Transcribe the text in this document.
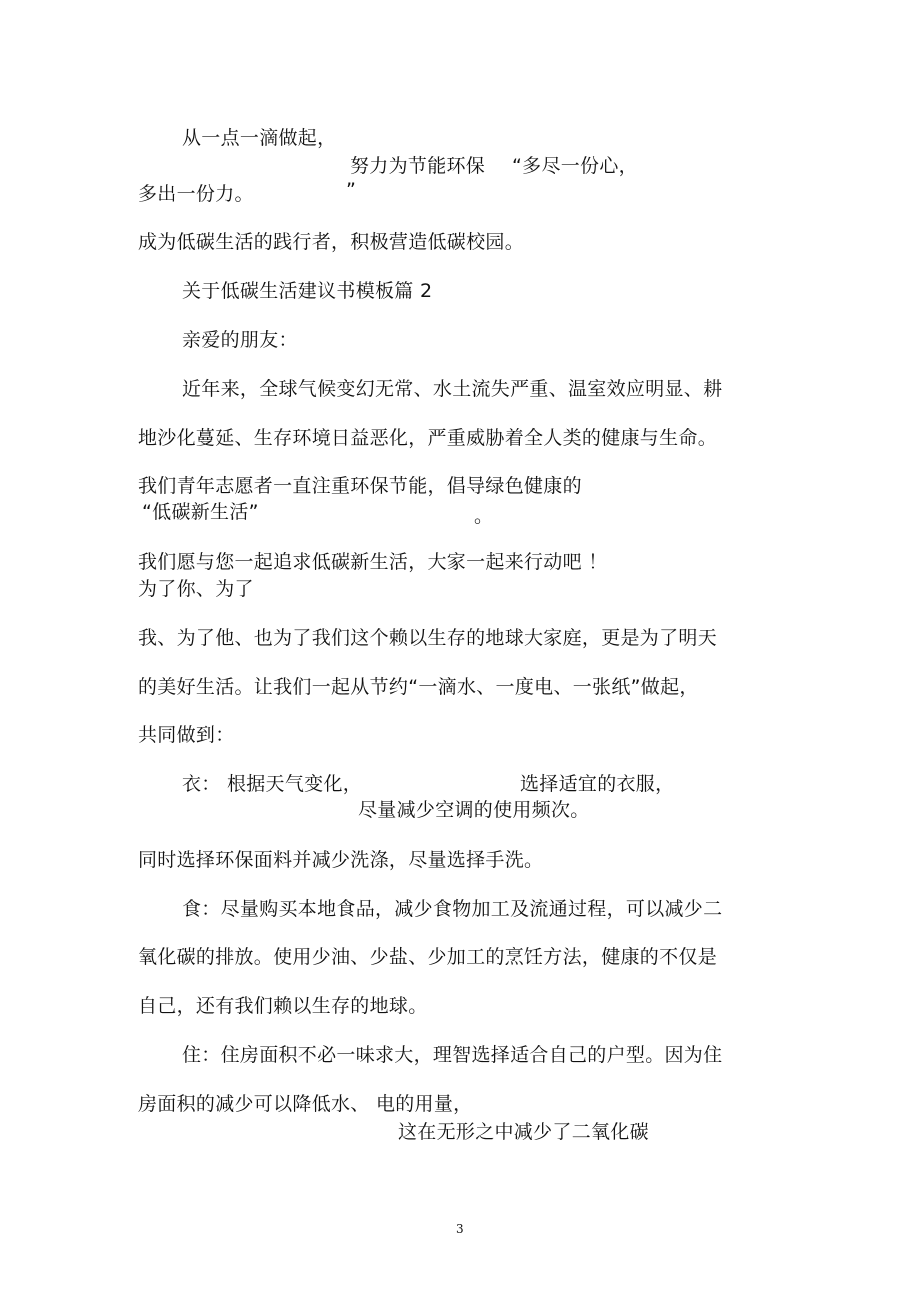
从一点一滴做起，
努力为节能环保 “多尽一份心，
多出一份力。	”
成为低碳生活的践行者，积极营造低碳校园。
关于低碳生活建议书模板篇 2
亲爱的朋友：
近年来，全球气候变幻无常、水土流失严重、温室效应明显、耕
地沙化蔓延、生存环境日益恶化，严重威胁着全人类的健康与生命。
我们青年志愿者一直注重环保节能，倡导绿色健康的
“低碳新生活”	。
我们愿与您一起追求低碳新生活，大家一起来行动吧 ！
为了你、为了
我、为了他、也为了我们这个赖以生存的地球大家庭，更是为了明天
的美好生活。让我们一起从节约“一滴水、一度电、一张纸”做起，
共同做到：
衣： 根据天气变化，	选择适宜的衣服，
尽量减少空调的使用频次。
同时选择环保面料并减少洗涤，尽量选择手洗。
食：尽量购买本地食品，减少食物加工及流通过程，可以减少二
氧化碳的排放。使用少油、少盐、少加工的烹饪方法，健康的不仅是
自己，还有我们赖以生存的地球。
住：住房面积不必一味求大，理智选择适合自己的户型。因为住
房面积的减少可以降低水、 电的用量，
这在无形之中减少了二氧化碳
3
